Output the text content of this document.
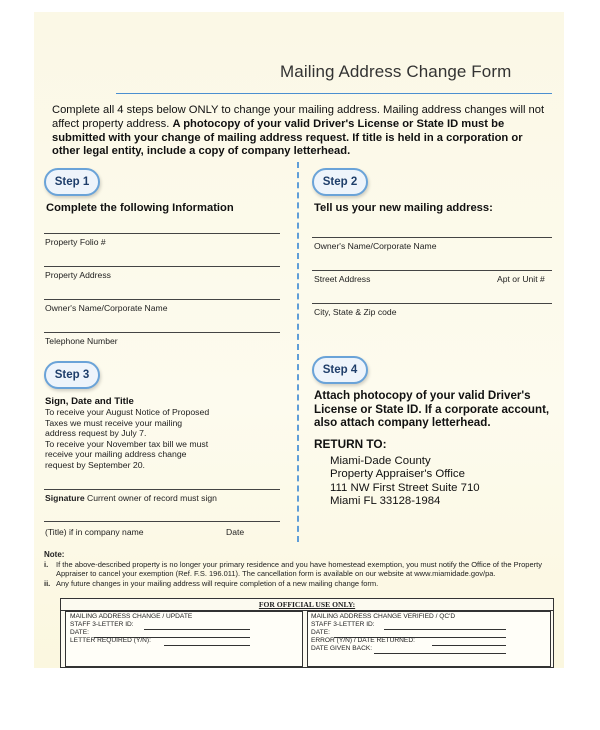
Mailing Address Change Form
Complete all 4 steps below ONLY to change your mailing address. Mailing address changes will not affect property address. A photocopy of your valid Driver's License or State ID must be submitted with your change of mailing address request. If title is held in a corporation or other legal entity, include a copy of company letterhead.
Step 1
Complete the following Information
Property Folio #
Property Address
Owner's Name/Corporate Name
Telephone Number
Step 2
Tell us your new mailing address:
Owner's Name/Corporate Name
Street Address	Apt or Unit #
City, State & Zip code
Step 3
Sign, Date and Title
To receive your August Notice of Proposed
Taxes we must receive your mailing
address request by July 7.
To receive your November tax bill we must
receive your mailing address change
request by September 20.
Signature Current owner of record must sign
(Title) if in company name	Date
Step 4
Attach photocopy of your valid Driver's
License or State ID. If a corporate account,
also attach company letterhead.
RETURN TO:
Miami-Dade County
Property Appraiser's Office
111 NW First Street Suite 710
Miami FL 33128-1984
Note:
i.	If the above-described property is no longer your primary residence and you have homestead exemption, you must notify the Office of the Property
Appraiser to cancel your exemption (Ref. F.S. 196.011). The cancellation form is available on our website at www.miamidade.gov/pa.
ii. Any future changes in your mailing address will require completion of a new mailing change form.
FOR OFFICIAL USE ONLY:
MAILING ADDRESS CHANGE / UPDATE
STAFF 3-LETTER ID:
DATE:
LETTER REQUIRED (Y/N):
MAILING ADDRESS CHANGE VERIFIED / QC'D
STAFF 3-LETTER ID:
DATE:
ERROR (Y/N) / DATE RETURNED:
DATE GIVEN BACK:
